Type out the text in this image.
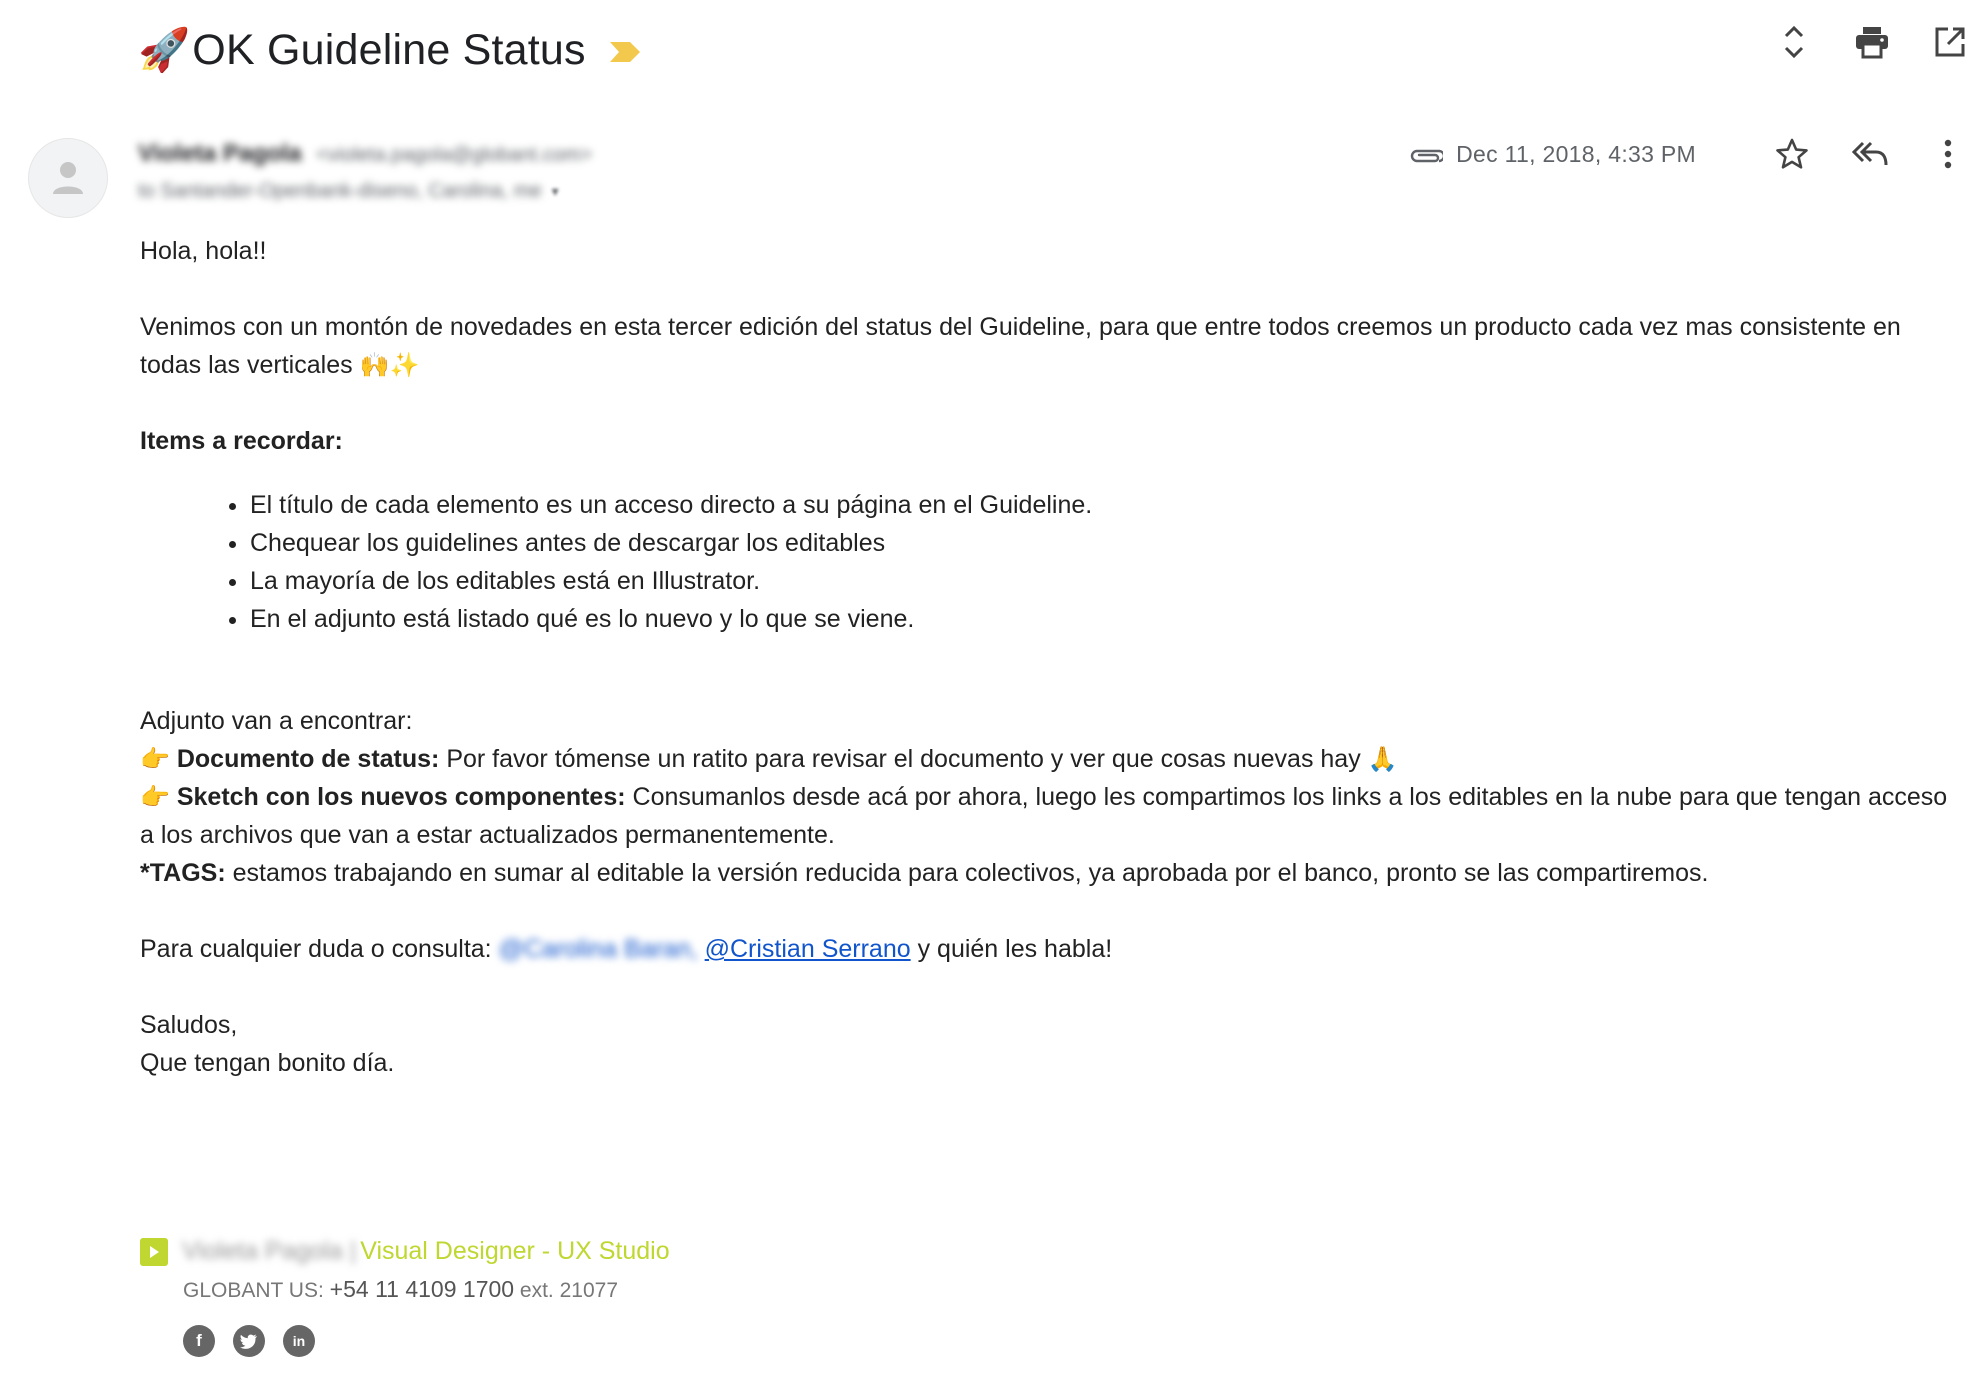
🚀 OK Guideline Status
Violeta Pagola <violeta.pagola@globant.com>
to Santander-Openbank-diseno, Carolina, me ▾
Dec 11, 2018, 4:33 PM

Hola, hola!!

Venimos con un montón de novedades en esta tercer edición del status del Guideline, para que entre todos creemos un producto cada vez mas consistente en todas las verticales 🙌✨

Items a recordar:

• El título de cada elemento es un acceso directo a su página en el Guideline.
• Chequear los guidelines antes de descargar los editables
• La mayoría de los editables está en Illustrator.
• En el adjunto está listado qué es lo nuevo y lo que se viene.

Adjunto van a encontrar:

👉 Documento de status: Por favor tómense un ratito para revisar el documento y ver que cosas nuevas hay 🙏

👉 Sketch con los nuevos componentes: Consumanlos desde acá por ahora, luego les compartimos los links a los editables en la nube para que tengan acceso a los archivos que van a estar actualizados permanentemente.

*TAGS: estamos trabajando en sumar al editable la versión reducida para colectivos, ya aprobada por el banco, pronto se las compartiremos.

Para cualquier duda o consulta: @Carolina Baran, @Cristian Serrano y quién les habla!

Saludos,

Que tengan bonito día.

Violeta Pagola | Visual Designer - UX Studio
GLOBANT US: +54 11 4109 1700 ext. 21077
f	in
